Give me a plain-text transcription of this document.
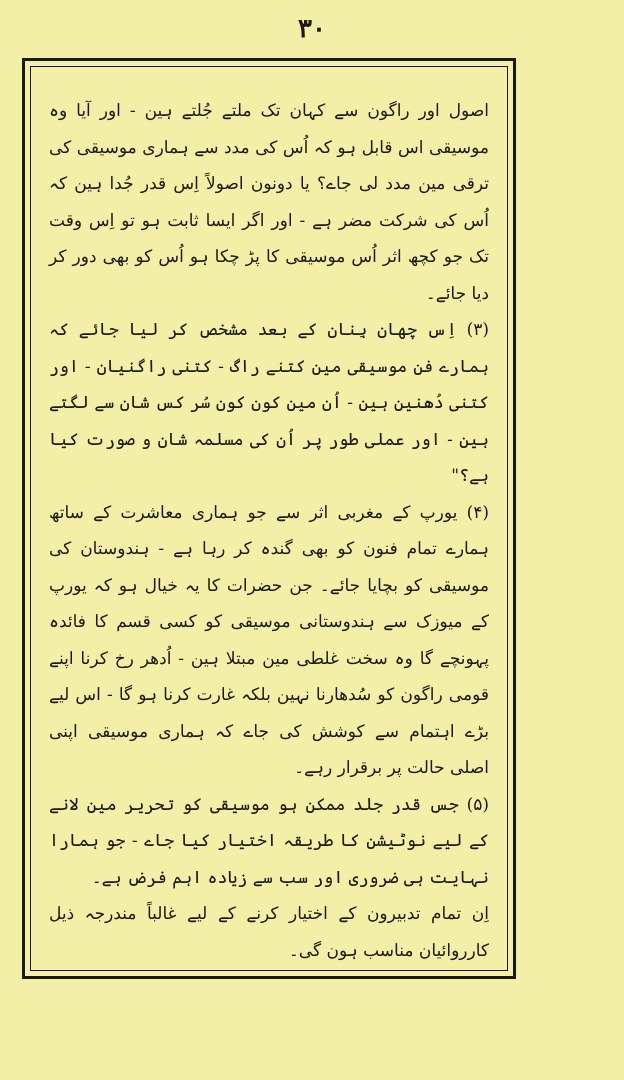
۳۰

اصول اور راگون سے کہان تک ملتے جُلتے ہین - اور آیا وہ موسیقی اس قابل ہو کہ اُس کی مدد سے ہماری موسیقی کی ترقی مین مدد لی جاے؟ یا دونون اصولاً اِس قدر جُدا ہین کہ اُس کی شرکت مضر ہے - اور اگر ایسا ثابت ہو تو اِس وقت تک جو کچھ اثر اُس موسیقی کا پڑ چکا ہو اُس کو بھی دور کر دیا جائے۔

(۳) اِس چھان بِنان کے بعد مشخص کر لیا جائے کہ ہمارے فن موسیقی مین کتنے راگ - کتنی راگنیان - اور کتنی دُھنین ہین - اُن مین کون کون سُر کس شان سے لگتے ہین - اور عملی طور پر اُن کی مسلمہ شان و صورت کیا ہے؟"

(۴) یورپ کے مغربی اثر سے جو ہماری معاشرت کے ساتھ ہمارے تمام فنون کو بھی گندہ کر رہا ہے - ہندوستان کی موسیقی کو بچایا جائے۔ جن حضرات کا یہ خیال ہو کہ یورپ کے میوزک سے ہندوستانی موسیقی کو کسی قسم کا فائدہ پہونچے گا وہ سخت غلطی مین مبتلا ہین - اُدھر رخ کرنا اپنے قومی راگون کو سُدھارنا نہین بلکہ غارت کرنا ہو گا - اس لیے بڑے اہتمام سے کوشش کی جاے کہ ہماری موسیقی اپنی اصلی حالت پر برقرار رہے۔

(۵) جس قدر جلد ممکن ہو موسیقی کو تحریر مین لانے کے لیے نوٹیشن کا طریقہ اختیار کیا جاے - جو ہمارا نہایت ہی ضروری اور سب سے زیادہ اہم فرض ہے۔

اِن تمام تدبیرون کے اختیار کرنے کے لیے غالباً مندرجہ ذیل کارروائیان مناسب ہون گی۔
